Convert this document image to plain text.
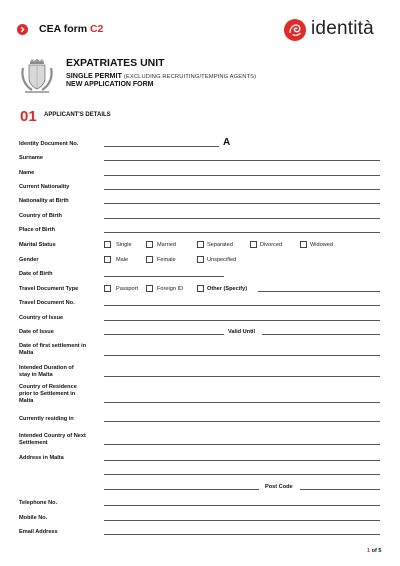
CEA form C2	identità
EXPATRIATES UNIT
SINGLE PERMIT (EXCLUDING RECRUITING/TEMPING AGENTS)
NEW APPLICATION FORM
01 APPLICANT'S DETAILS
Identity Document No.	A
Surname
Name
Current Nationality
Nationality at Birth
Country of Birth
Place of Birth
Marital Status	Single	Married	Separated	Divorced	Widowed
Gender	Male	Female	Unspecified
Date of Birth
Travel Document Type	Passport	Foreign ID	Other (Specify)
Travel Document No.
Country of Issue
Date of Issue	Valid Until
Date of first settlement in Malta
Intended Duration of stay in Malta
Country of Residence prior to Settlement in Malta
Currently residing in
Intended Country of Next Settlement
Address in Malta
Post Code
Telephone No.
Mobile No.
Email Address
1 of 5
